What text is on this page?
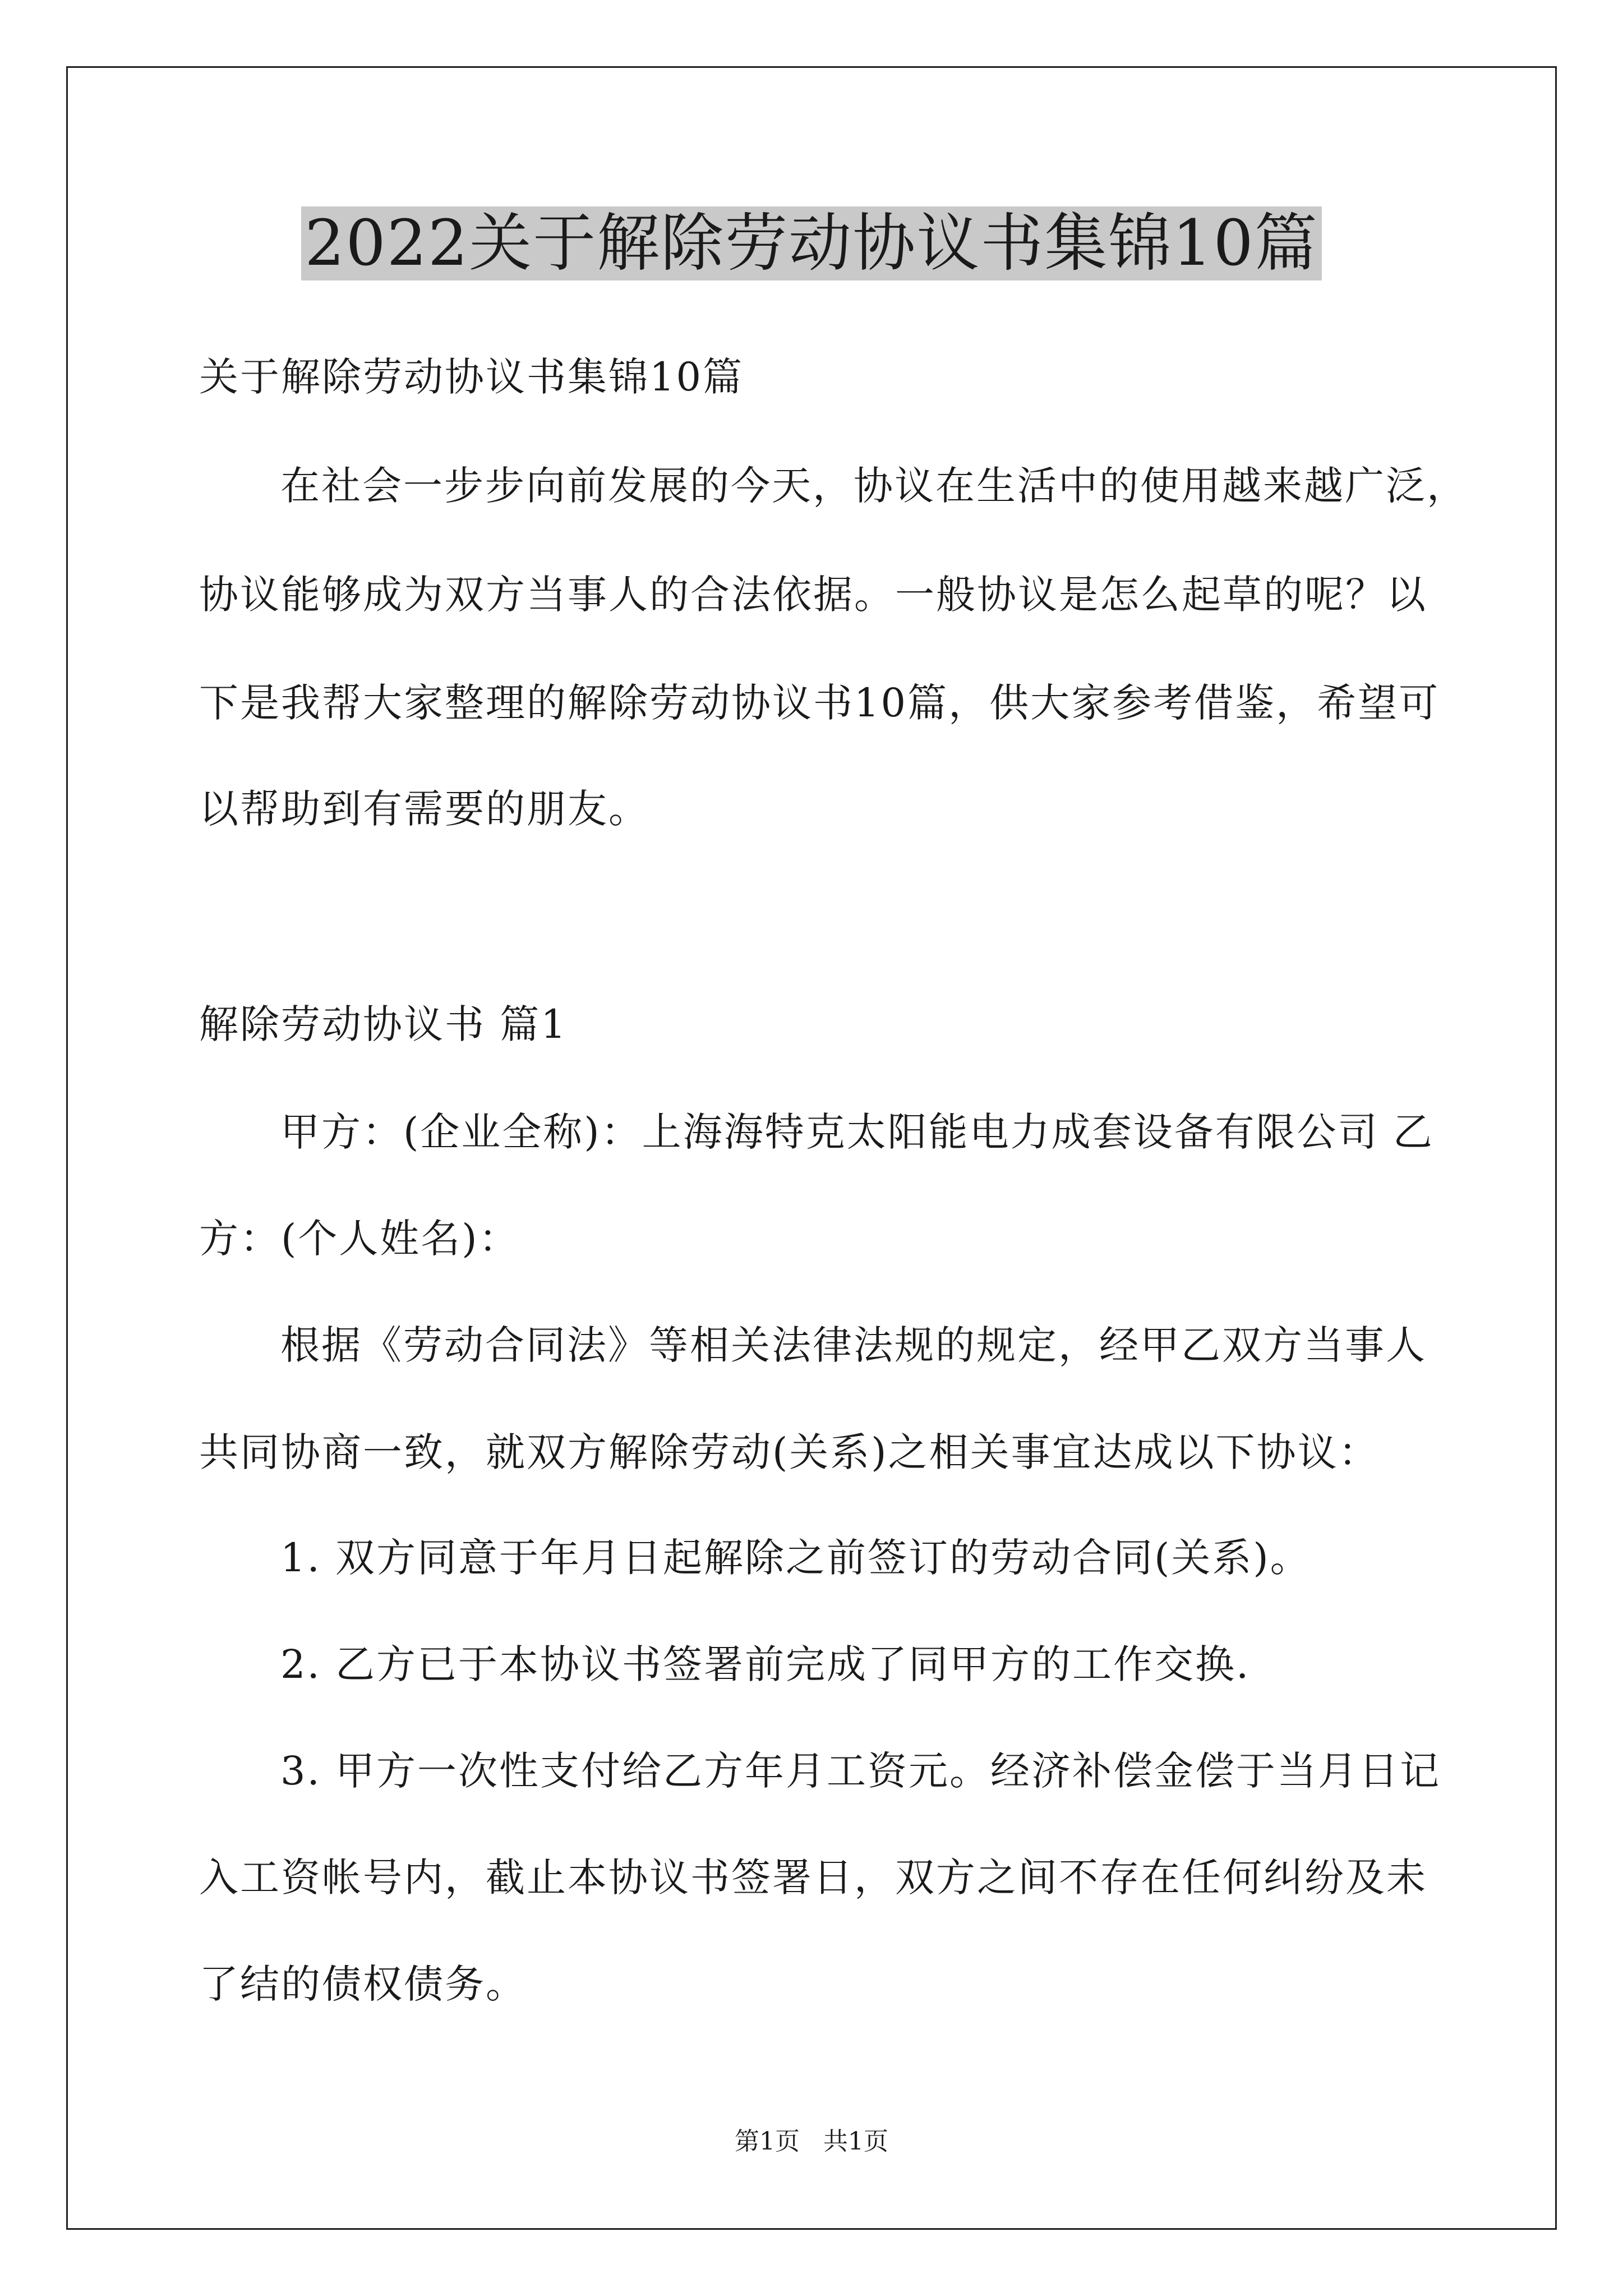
2022关于解除劳动协议书集锦10篇
关于解除劳动协议书集锦10篇
在社会一步步向前发展的今天，协议在生活中的使用越来越广泛，
协议能够成为双方当事人的合法依据。一般协议是怎么起草的呢？以
下是我帮大家整理的解除劳动协议书10篇，供大家参考借鉴，希望可
以帮助到有需要的朋友。
解除劳动协议书 篇1
甲方：(企业全称)：上海海特克太阳能电力成套设备有限公司 乙
方：(个人姓名)：
根据《劳动合同法》等相关法律法规的规定，经甲乙双方当事人
共同协商一致，就双方解除劳动(关系)之相关事宜达成以下协议：
1. 双方同意于年月日起解除之前签订的劳动合同(关系)。
2. 乙方已于本协议书签署前完成了同甲方的工作交换.
3. 甲方一次性支付给乙方年月工资元。经济补偿金偿于当月日记
入工资帐号内，截止本协议书签署日，双方之间不存在任何纠纷及未
了结的债权债务。
第1页   共1页
